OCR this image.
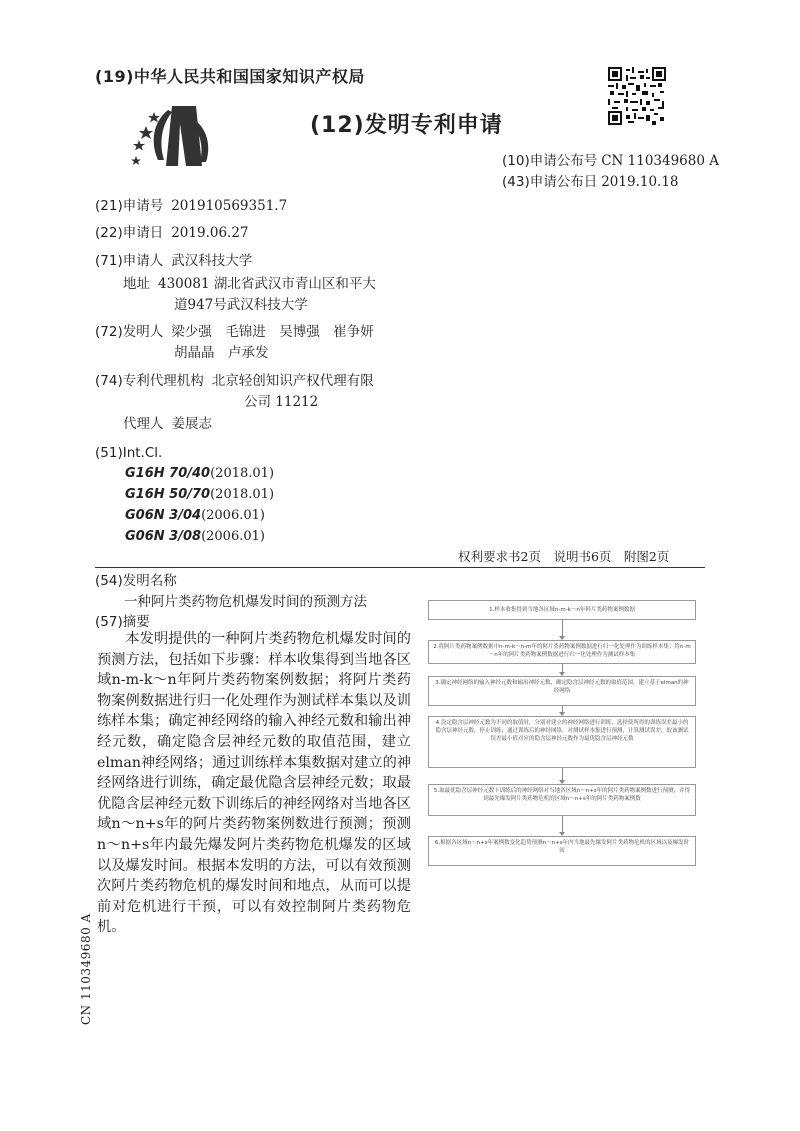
(19)中华人民共和国国家知识产权局
(12)发明专利申请
(10)申请公布号 CN 110349680 A
(43)申请公布日 2019.10.18
(21)申请号 201910569351.7
(22)申请日 2019.06.27
(71)申请人 武汉科技大学
地址 430081 湖北省武汉市青山区和平大
道947号武汉科技大学
(72)发明人 梁少强　毛锦进　吴博强　崔争妍
胡晶晶　卢承发
(74)专利代理机构 北京轻创知识产权代理有限
公司 11212
代理人 姜展志
(51)Int.Cl.
G16H 70/40(2018.01)
G16H 50/70(2018.01)
G06N 3/04(2006.01)
G06N 3/08(2006.01)
权利要求书2页　说明书6页　附图2页
(54)发明名称
一种阿片类药物危机爆发时间的预测方法
(57)摘要

本发明提供的一种阿片类药物危机爆发时间的预测方法，包括如下步骤：样本收集得到当地各区域n-m-k～n年阿片类药物案例数据；将阿片类药物案例数据进行归一化处理作为测试样本集以及训练样本集；确定神经网络的输入神经元数和输出神经元数，确定隐含层神经元数的取值范围，建立elman神经网络；通过训练样本集数据对建立的神经网络进行训练，确定最优隐含层神经元数；取最优隐含层神经元数下训练后的神经网络对当地各区域n～n+s年的阿片类药物案例数进行预测；预测n～n+s年内最先爆发阿片类药物危机爆发的区域以及爆发时间。根据本发明的方法，可以有效预测次阿片类药物危机的爆发时间和地点，从而可以提前对危机进行干预，可以有效控制阿片类药物危机。

1.样本收集得到当地各区域n-m-k～n年阿片类药物案例数据
2.将阿片类药物案例数据中n-m-k～n-m年的阿片类药物案例数据进行归一化处理作为训练样本集；将n-m～n年的阿片类药物案例数据进行归一化处理作为测试样本集
3.确定神经网络的输入神经元数和输出神经元数，确定隐含层神经元数的取值范围，建立基于elman的神经网络
4.设定隐含层神经元数为不同的取值时，分别对建立的神经网络进行训练，选择使所得的训练误差最小的隐含层神经元数，停止训练，通过训练后的神经网络，对测试样本集进行预测，计算测试误差，取该测试误差最小值对应的隐含层神经元数作为最优隐含层神经元数
5.取最优隐含层神经元数下训练后的神经网络对当地各区域n～n+s年的阿片类药物案例数进行预测，并得到最先爆发阿片类药物危机的区域n～n+s年的阿片类药物案例数
6.根据各区域n～n+s年案例数变化趋势预测n～n+s年内当地最先爆发阿片类药物危机的区域以及爆发时间
CN 110349680 A
